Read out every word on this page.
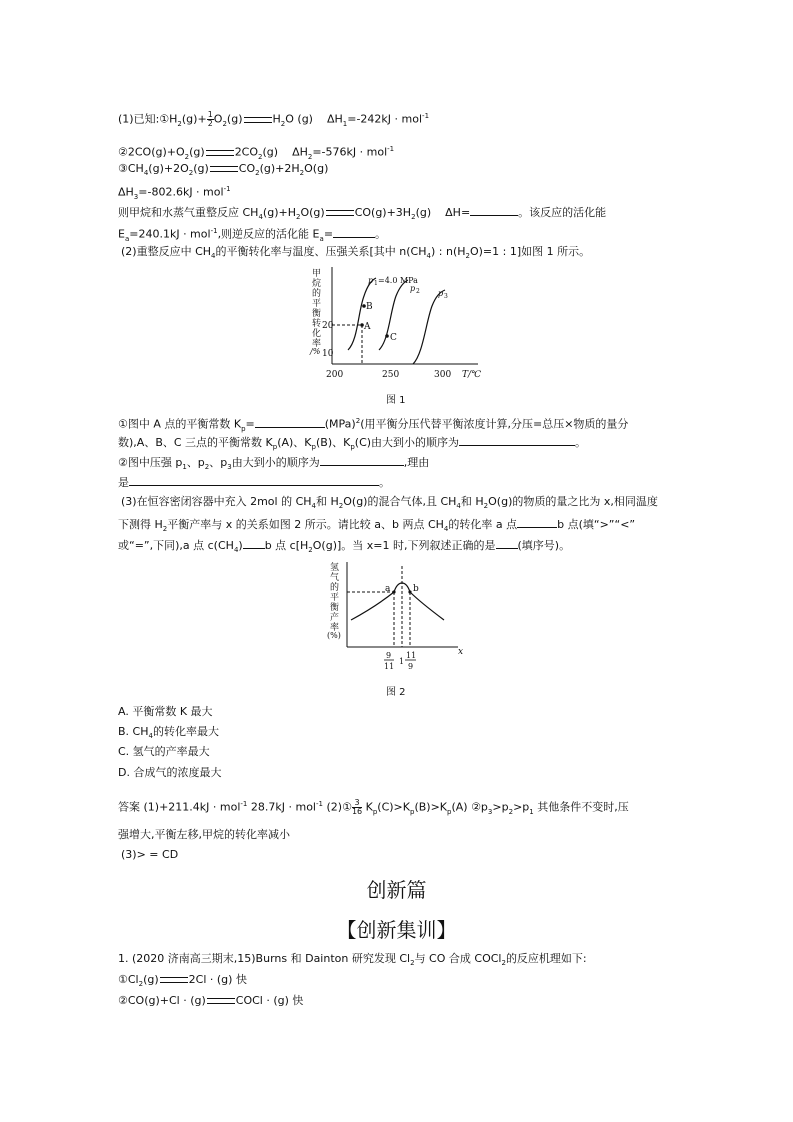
(1)已知$:①H_2(g)+ \frac{1}{2} O_2(g)$	$H_2O$ (g) $\Delta H_1=-242kJ \cdot mol^{-1}$
$②2CO(g)+O_2(g)$	$2CO_2(g) \Delta H_2=-576kJ \cdot mol^{-1}$
$③CH_4(g)+2O_2(g)$	$CO_2(g)+2H_2O(g)$
$\Delta H_3=-802.6kJ \cdot mol^{-1}$
则甲烷和水蒸气重整反应 $CH_4(g)+H_2O(g)$	$CO(g)+3H_2(g)$ ΔH=	。该反应的活化能
$E_a=240.1kJ \cdot mol^{-1}$,则逆反应的活化能 $E_a=$	。
(2)重整反应中 $CH_4$的平衡转化率与温度、压强关系[其中 $n(CH_4)$ : $n(H_2O)=1$ : 1]如图 1 所示。
甲
烷
的
平
衡
转
化
率
/%
20
10
200	250	300 T/℃
A
B
C
p 1 =4.0 MPa
p 2 p 3
图 1
①图中 A 点的平衡常数 $K_p=$	(MPa)$^2$(用平衡分压代替平衡浓度计算,分压=总压×物质的量分
数),A、B、C 三点的平衡常数 $K_p(A)$、$K_p(B)$、$K_p(C)$由大到小的顺序为	。
②图中压强 $p_1$、$p_2$、$p_3$由大到小的顺序为	,理由
是	。
(3)在恒容密闭容器中充入 2mol 的 $CH_4$和 $H_2O(g)$的混合气体,且 $CH_4$和 $H_2O(g)$的物质的量之比为 x,相同温度
下测得 $H_2$平衡产率与 x 的关系如图 2 所示。请比较 a、b 两点 $CH_4$的转化率 a 点	b 点(填“>”“<”
或“=”,下同),a 点 $c(CH_4)$ b 点 $c[H_2O(g)]$。当 x=1 时,下列叙述正确的是 (填序号)。
氢
气
的
平
衡
产
率
(%)
x
a	b
9
11
1
11
9
图 2
A. 平衡常数 K 最大
B. $CH_4$的转化率最大
C. 氢气的产率最大
D. 合成气的浓度最大
答案 (1)+211.4kJ · mol$^{-1}$ 28.7kJ · mol$^{-1}$ (2)① $\frac{3}{16} K_p(C)>K_p(B)>K_p(A)$ $②p_3>p_2>p_1$ 其他条件不变时,压
强增大,平衡左移,甲烷的转化率减小
(3)> = CD
创新篇
【创新集训】
1. (2020 济南高三期末,15)Burns 和 Dainton 研究发现 $Cl_2$与 CO 合成 COCl$_2$的反应机理如下:
$①Cl_2(g)$	2Cl · (g) 快
②CO(g)+Cl · (g)	COCl · (g) 快
